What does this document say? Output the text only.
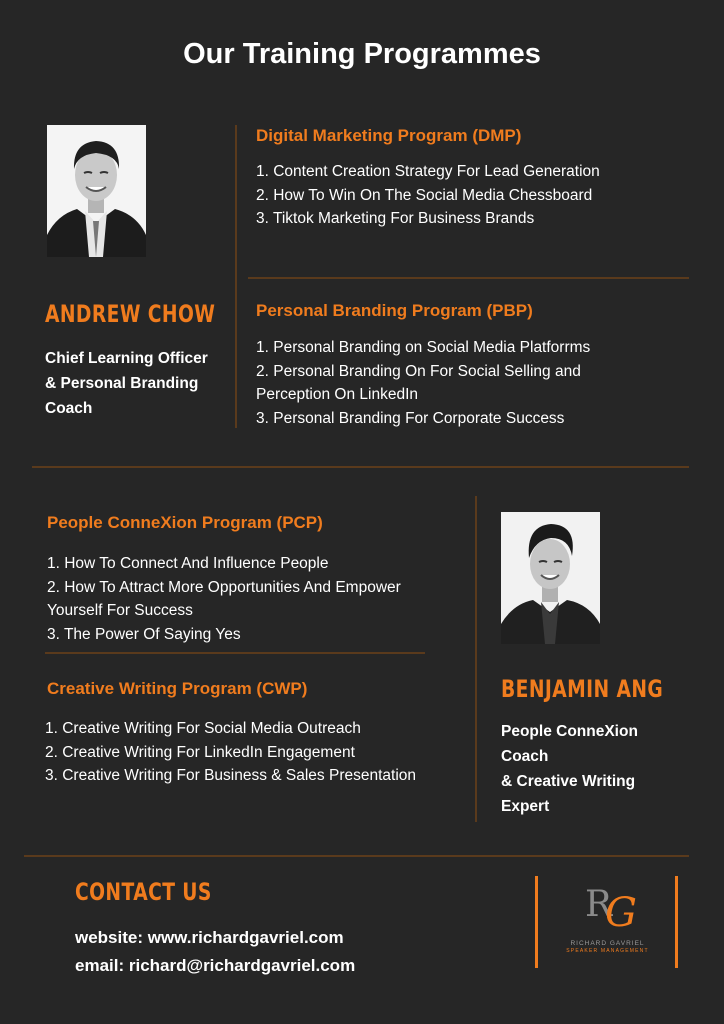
Our Training Programmes
ANDREW CHOW
Chief Learning Officer
& Personal Branding
Coach
Digital Marketing Program (DMP)
1. Content Creation Strategy For Lead Generation
2. How To Win On The Social Media Chessboard
3. Tiktok Marketing For Business Brands
Personal Branding Program (PBP)
1. Personal Branding on Social Media Platforrms
2. Personal Branding On For Social Selling and
Perception On LinkedIn
3. Personal Branding For Corporate Success
People ConneXion Program (PCP)
1. How To Connect And Influence People
2. How To Attract More Opportunities And Empower
Yourself For Success
3. The Power Of Saying Yes
Creative Writing Program (CWP)
1. Creative Writing For Social Media Outreach
2. Creative Writing For LinkedIn Engagement
3. Creative Writing For Business & Sales Presentation
BENJAMIN ANG
People ConneXion
Coach
& Creative Writing
Expert
CONTACT US
website: www.richardgavriel.com
email: richard@richardgavriel.com
R
G
RICHARD GAVRIEL
SPEAKER MANAGEMENT
